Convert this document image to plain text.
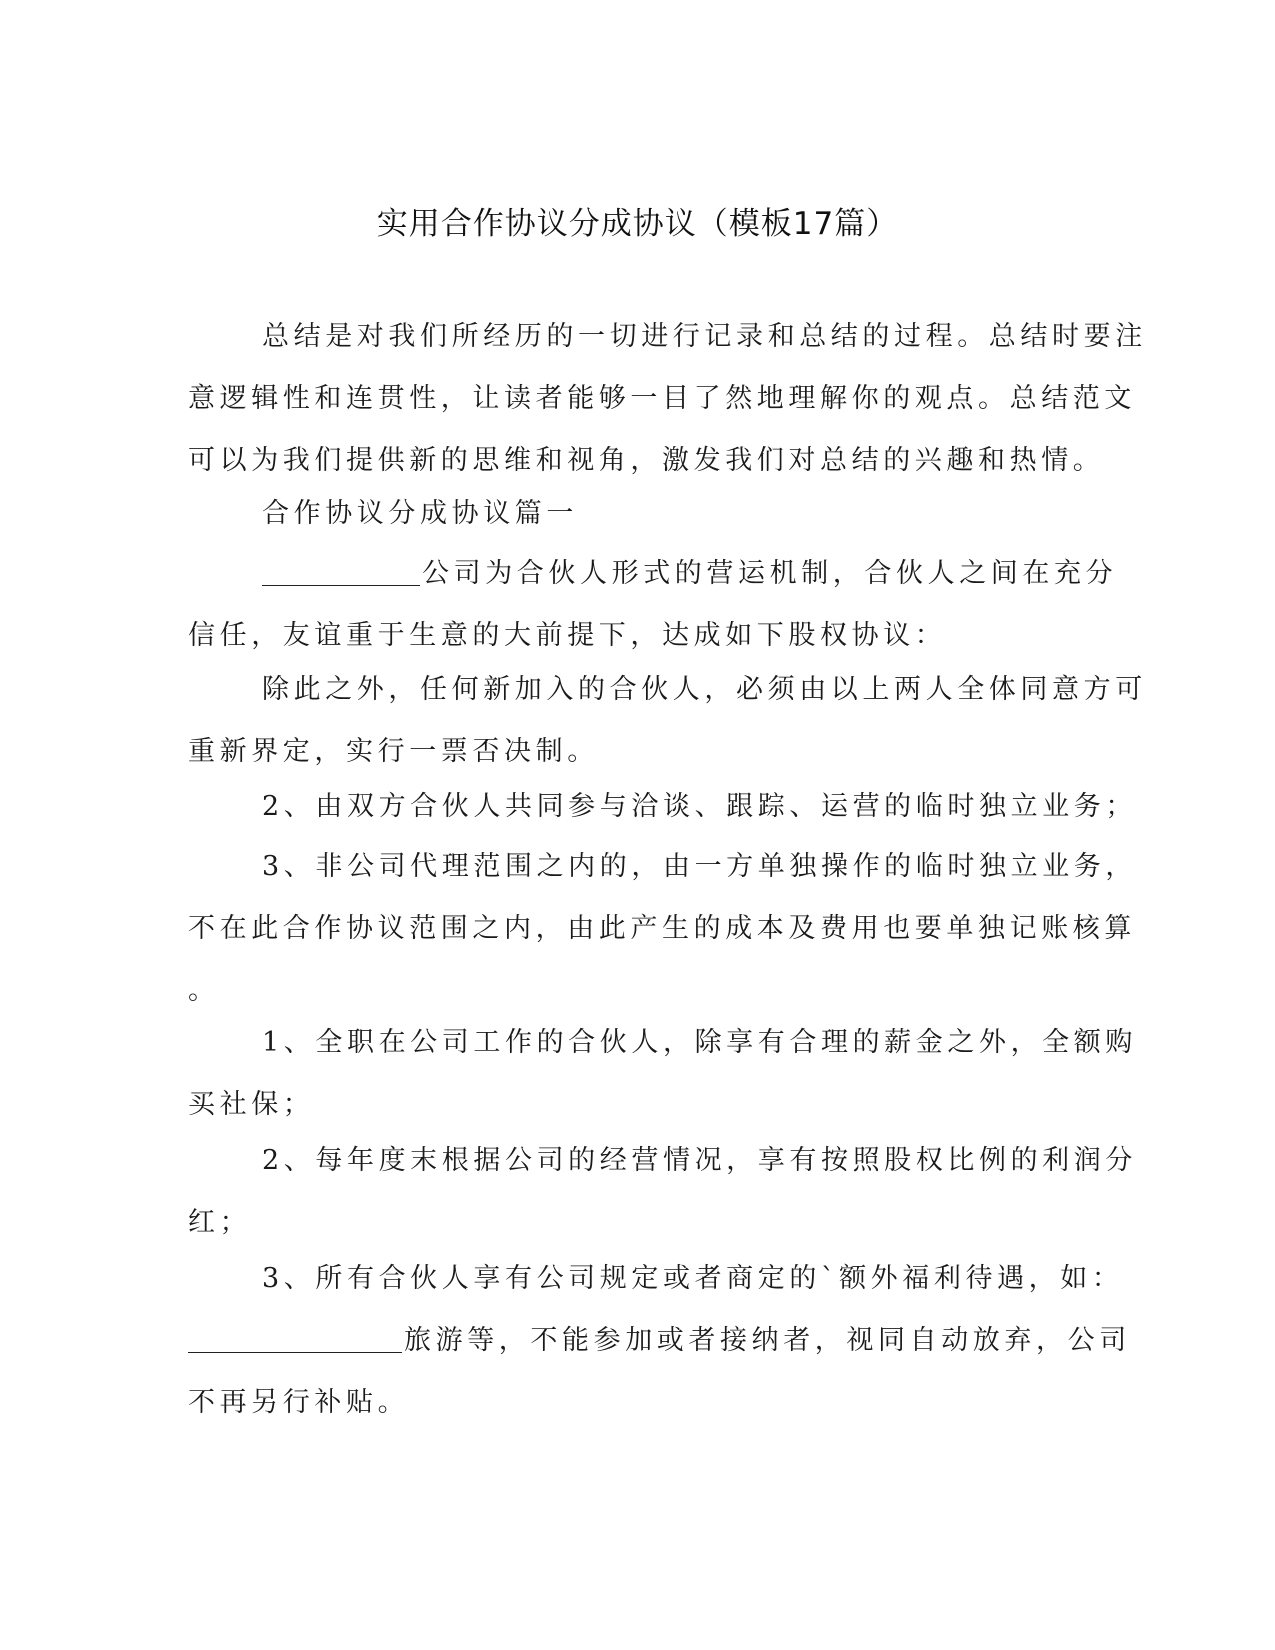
实用合作协议分成协议（模板17篇）
总结是对我们所经历的一切进行记录和总结的过程。总结时要注
意逻辑性和连贯性，让读者能够一目了然地理解你的观点。总结范文
可以为我们提供新的思维和视角，激发我们对总结的兴趣和热情。
合作协议分成协议篇一
公司为合伙人形式的营运机制，合伙人之间在充分
信任，友谊重于生意的大前提下，达成如下股权协议：
除此之外，任何新加入的合伙人，必须由以上两人全体同意方可
重新界定，实行一票否决制。
2、由双方合伙人共同参与洽谈、跟踪、运营的临时独立业务；
3、非公司代理范围之内的，由一方单独操作的临时独立业务，
不在此合作协议范围之内，由此产生的成本及费用也要单独记账核算
。
1、全职在公司工作的合伙人，除享有合理的薪金之外，全额购
买社保；
2、每年度末根据公司的经营情况，享有按照股权比例的利润分
红；
3、所有合伙人享有公司规定或者商定的`额外福利待遇，如：
旅游等，不能参加或者接纳者，视同自动放弃，公司
不再另行补贴。
